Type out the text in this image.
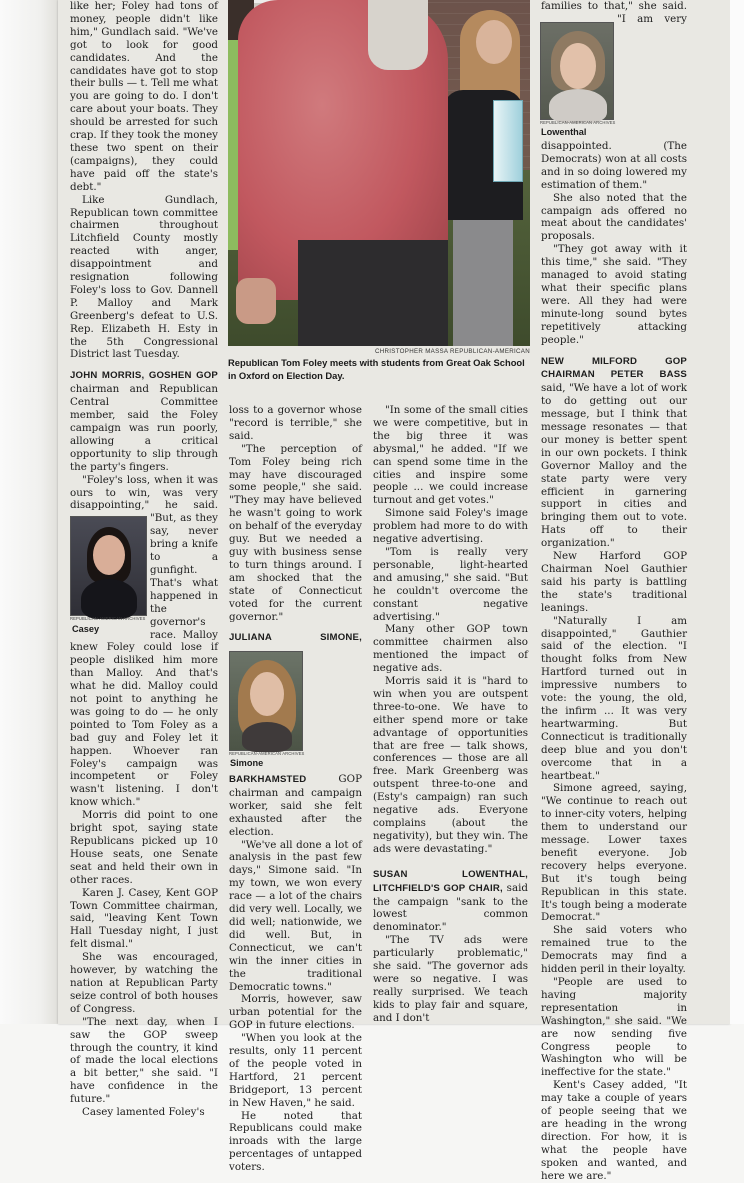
CHRISTOPHER MASSA REPUBLICAN-AMERICAN
Republican Tom Foley meets with students from Great Oak School in Oxford on Election Day.

like her; Foley had tons of money, people didn't like him," Gundlach said. "We've got to look for good candidates. And the candidates have got to stop their bulls — t. Tell me what you are going to do. I don't care about your boats. They should be arrested for such crap. If they took the money these two spent on their (campaigns), they could have paid off the state's debt."

Like Gundlach, Republican town committee chairmen throughout Litchfield County mostly reacted with anger, disappointment and resignation following Foley's loss to Gov. Dannell P. Malloy and Mark Greenberg's defeat to U.S. Rep. Elizabeth H. Esty in the 5th Congressional District last Tuesday.

JOHN MORRIS, GOSHEN GOP chairman and Republican Central Committee member, said the Foley campaign was run poorly, allowing a critical opportunity to slip through the party's fingers.

"Foley's loss, when it was ours to win, was very disappointing," he said. "But, as they say, never bring a knife to a gunfight. That's what happened in the governor's race. Malloy knew Foley could lose if people disliked him more than Malloy. And that's what he did. Malloy could not point to anything he was going to do — he only pointed to Tom Foley as a bad guy and Foley let it happen. Whoever ran Foley's campaign was incompetent or Foley wasn't listening. I don't know which."

Morris did point to one bright spot, saying state Republicans picked up 10 House seats, one Senate seat and held their own in other races.

Karen J. Casey, Kent GOP Town Committee chairman, said, "leaving Kent Town Hall Tuesday night, I just felt dismal."

She was encouraged, however, by watching the nation at Republican Party seize control of both houses of Congress.

"The next day, when I saw the GOP sweep through the country, it kind of made the local elections a bit better," she said. "I have confidence in the future."

Casey lamented Foley's

REPUBLICAN-AMERICAN ARCHIVES
Casey

loss to a governor whose "record is terrible," she said.

"The perception of Tom Foley being rich may have discouraged some people," she said. "They may have believed he wasn't going to work on behalf of the everyday guy. But we needed a guy with business sense to turn things around. I am shocked that the state of Connecticut voted for the current governor."

JULIANA SIMONE, BARKHAMSTED GOP chairman and campaign worker, said she felt exhausted after the election.

"We've all done a lot of analysis in the past few days," Simone said. "In my town, we won every race — a lot of the chairs did very well. Locally, we did well; nationwide, we did well. But, in Connecticut, we can't win the inner cities in the traditional Democratic towns."

Morris, however, saw urban potential for the GOP in future elections.

"When you look at the results, only 11 percent of the people voted in Hartford, 21 percent Bridgeport, 13 percent in New Haven," he said.

He noted that Republicans could make inroads with the large percentages of untapped voters.

REPUBLICAN-AMERICAN ARCHIVES
Simone

"In some of the small cities we were competitive, but in the big three it was abysmal," he added. "If we can spend some time in the cities and inspire some people ... we could increase turnout and get votes."

Simone said Foley's image problem had more to do with negative advertising.

"Tom is really very personable, light-hearted and amusing," she said. "But he couldn't overcome the constant negative advertising."

Many other GOP town committee chairmen also mentioned the impact of negative ads.

Morris said it is "hard to win when you are outspent three-to-one. We have to either spend more or take advantage of opportunities that are free — talk shows, conferences — those are all free. Mark Greenberg was outspent three-to-one and (Esty's campaign) ran such negative ads. Everyone complains (about the negativity), but they win. The ads were devastating."

SUSAN LOWENTHAL, LITCHFIELD'S GOP CHAIR, said the campaign "sank to the lowest common denominator."

"The TV ads were particularly problematic," she said. "The governor ads were so negative. I was really surprised. We teach kids to play fair and square, and I don't

REPUBLICAN-AMERICAN ARCHIVES
Lowenthal

families to that," she said. "I am very disappointed. (The Democrats) won at all costs and in so doing lowered my estimation of them."

She also noted that the campaign ads offered no meat about the candidates' proposals.

"They got away with it this time," she said. "They managed to avoid stating what their specific plans were. All they had were minute-long sound bytes repetitively attacking people."

NEW MILFORD GOP CHAIRMAN PETER BASS said, "We have a lot of work to do getting out our message, but I think that message resonates — that our money is better spent in our own pockets. I think Governor Malloy and the state party were very efficient in garnering support in cities and bringing them out to vote. Hats off to their organization."

New Harford GOP Chairman Noel Gauthier said his party is battling the state's traditional leanings.

"Naturally I am disappointed," Gauthier said of the election. "I thought folks from New Hartford turned out in impressive numbers to vote: the young, the old, the infirm ... It was very heartwarming. But Connecticut is traditionally deep blue and you don't overcome that in a heartbeat."

Simone agreed, saying, "We continue to reach out to inner-city voters, helping them to understand our message. Lower taxes benefit everyone. Job recovery helps everyone. But it's tough being Republican in this state. It's tough being a moderate Democrat."

She said voters who remained true to the Democrats may find a hidden peril in their loyalty.

"People are used to having majority representation in Washington," she said. "We are now sending five Congress people to Washington who will be ineffective for the state."

Kent's Casey added, "It may take a couple of years of people seeing that we are heading in the wrong direction. For how, it is what the people have spoken and wanted, and here we are."
